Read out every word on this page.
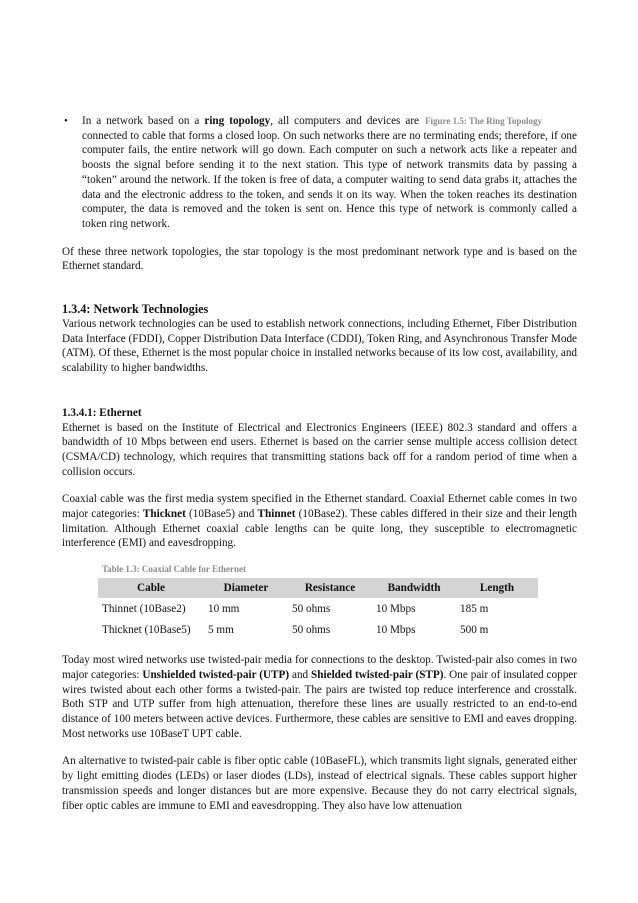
•	Figure 1.5: The Ring Topology

In a network based on a ring topology, all computers and devices are connected to cable that forms a closed loop. On such networks there are no terminating ends; therefore, if one computer fails, the entire network will go down. Each computer on such a network acts like a repeater and boosts the signal before sending it to the next station. This type of network transmits data by passing a “token” around the network. If the token is free of data, a computer waiting to send data grabs it, attaches the data and the electronic address to the token, and sends it on its way. When the token reaches its destination computer, the data is removed and the token is sent on. Hence this type of network is commonly called a token ring network.

Of these three network topologies, the star topology is the most predominant network type and is based on the Ethernet standard.

1.3.4: Network Technologies

Various network technologies can be used to establish network connections, including Ethernet, Fiber Distribution Data Interface (FDDI), Copper Distribution Data Interface (CDDI), Token Ring, and Asynchronous Transfer Mode (ATM). Of these, Ethernet is the most popular choice in installed networks because of its low cost, availability, and scalability to higher bandwidths.

1.3.4.1: Ethernet

Ethernet is based on the Institute of Electrical and Electronics Engineers (IEEE) 802.3 standard and offers a bandwidth of 10 Mbps between end users. Ethernet is based on the carrier sense multiple access collision detect (CSMA/CD) technology, which requires that transmitting stations back off for a random period of time when a collision occurs.

Coaxial cable was the first media system specified in the Ethernet standard. Coaxial Ethernet cable comes in two major categories: Thicknet (10Base5) and Thinnet (10Base2). These cables differed in their size and their length limitation. Although Ethernet coaxial cable lengths can be quite long, they susceptible to electromagnetic interference (EMI) and eavesdropping.

Table 1.3: Coaxial Cable for Ethernet
Cable	Diameter	Resistance	Bandwidth	Length
Thinnet (10Base2)	10 mm	50 ohms	10 Mbps	185 m
Thicknet (10Base5)	5 mm	50 ohms	10 Mbps	500 m

Today most wired networks use twisted-pair media for connections to the desktop. Twisted-pair also comes in two major categories: Unshielded twisted-pair (UTP) and Shielded twisted-pair (STP). One pair of insulated copper wires twisted about each other forms a twisted-pair. The pairs are twisted top reduce interference and crosstalk. Both STP and UTP suffer from high attenuation, therefore these lines are usually restricted to an end-to-end distance of 100 meters between active devices. Furthermore, these cables are sensitive to EMI and eaves dropping. Most networks use 10BaseT UPT cable.

An alternative to twisted-pair cable is fiber optic cable (10BaseFL), which transmits light signals, generated either by light emitting diodes (LEDs) or laser diodes (LDs), instead of electrical signals. These cables support higher transmission speeds and longer distances but are more expensive. Because they do not carry electrical signals, fiber optic cables are immune to EMI and eavesdropping. They also have low attenuation
